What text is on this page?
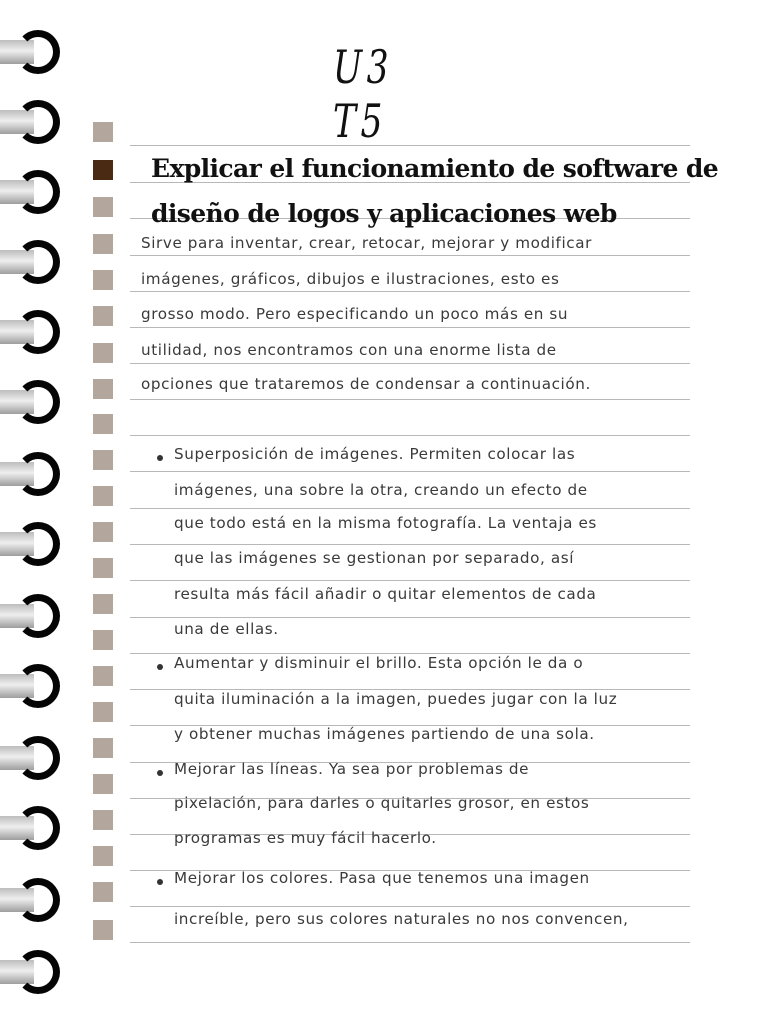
U3 T5
Explicar el funcionamiento de software de
diseño de logos y aplicaciones web
Sirve para inventar, crear, retocar, mejorar y modificar
imágenes, gráficos, dibujos e ilustraciones, esto es
grosso modo. Pero especificando un poco más en su
utilidad, nos encontramos con una enorme lista de
opciones que trataremos de condensar a continuación.
Superposición de imágenes. Permiten colocar las
imágenes, una sobre la otra, creando un efecto de
que todo está en la misma fotografía. La ventaja es
que las imágenes se gestionan por separado, así
resulta más fácil añadir o quitar elementos de cada
una de ellas.
Aumentar y disminuir el brillo. Esta opción le da o
quita iluminación a la imagen, puedes jugar con la luz
y obtener muchas imágenes partiendo de una sola.
Mejorar las líneas. Ya sea por problemas de
pixelación, para darles o quitarles grosor, en estos
programas es muy fácil hacerlo.
Mejorar los colores. Pasa que tenemos una imagen
increíble, pero sus colores naturales no nos convencen,
